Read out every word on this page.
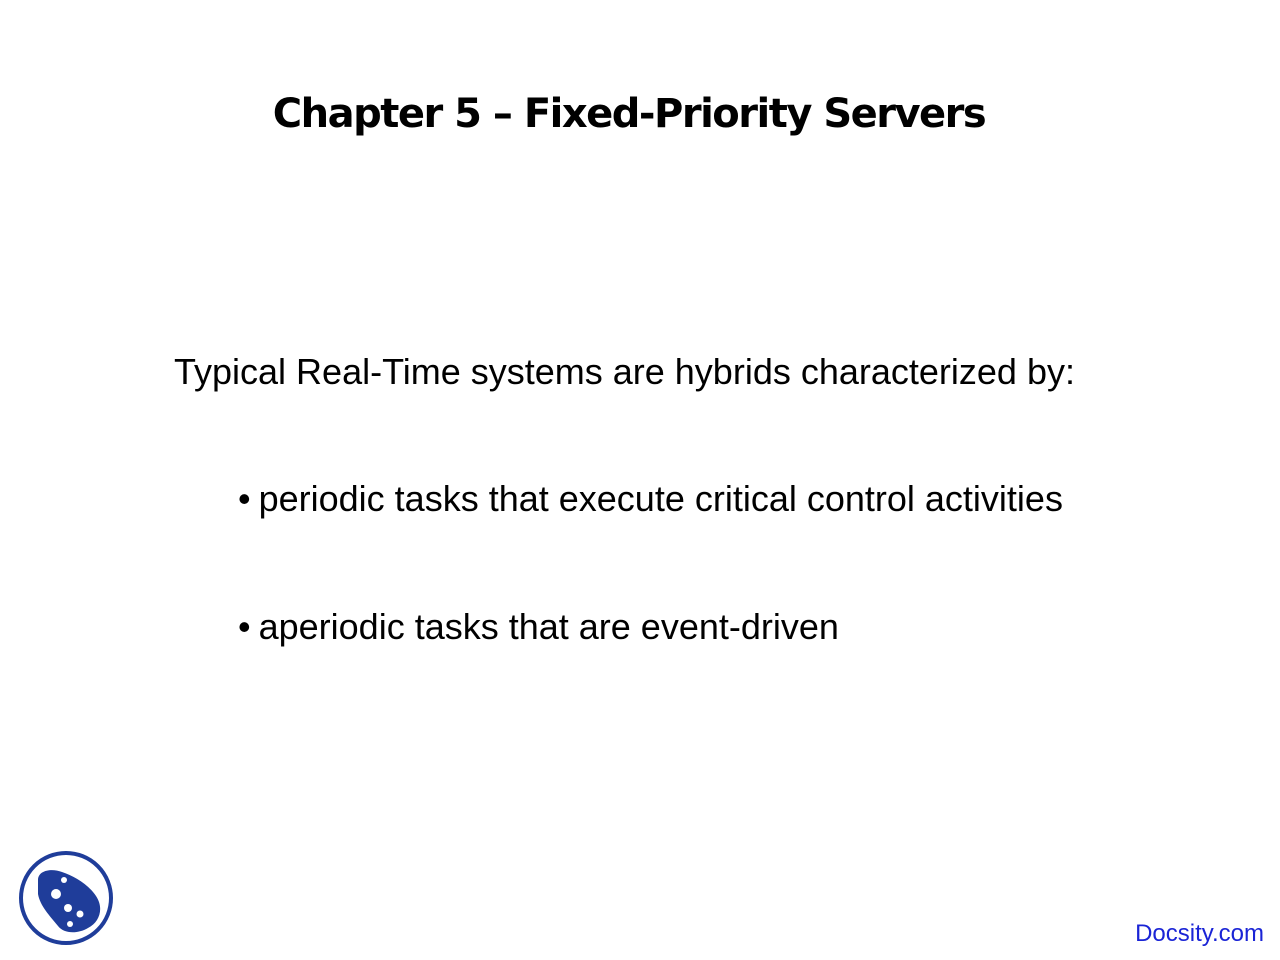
Chapter 5 – Fixed-Priority Servers
Typical Real-Time systems are hybrids characterized by:
• periodic tasks that execute critical control activities
• aperiodic tasks that are event-driven
Docsity.com
